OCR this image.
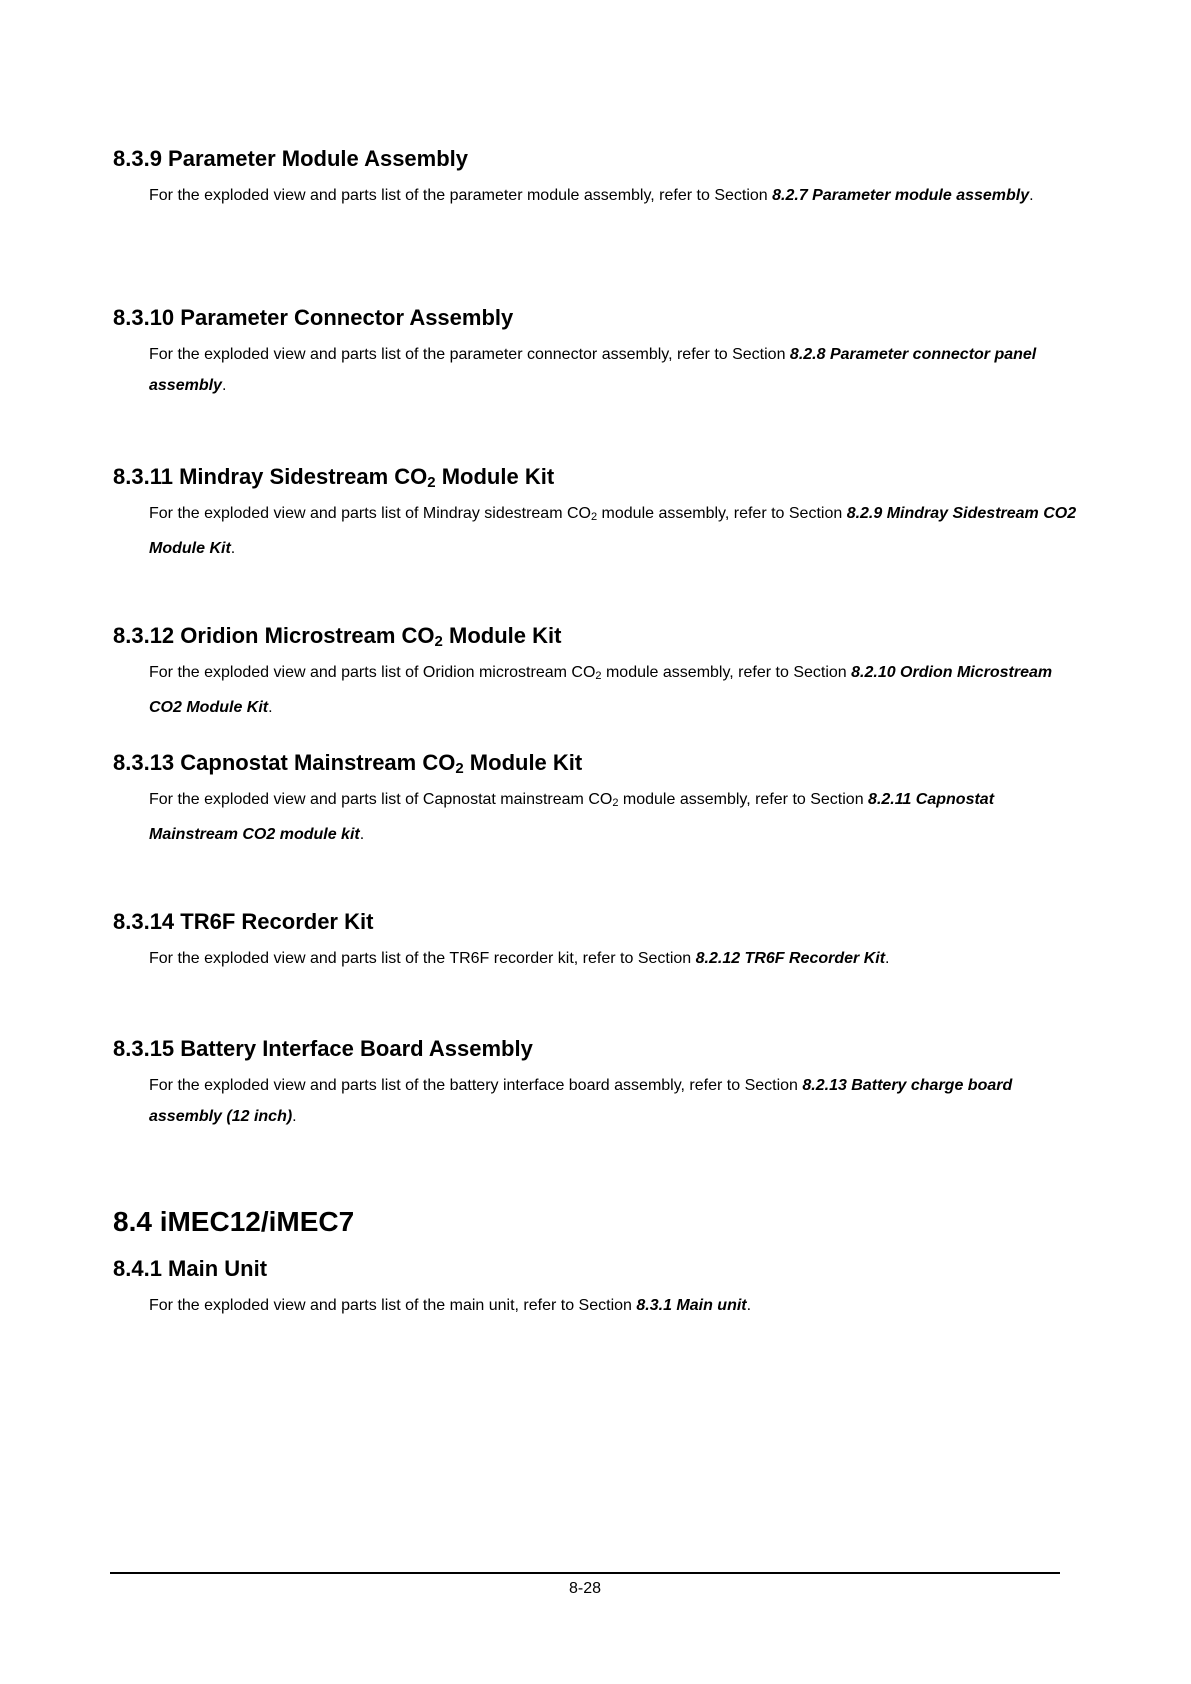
8.3.9 Parameter Module Assembly

For the exploded view and parts list of the parameter module assembly, refer to Section 8.2.7 Parameter module assembly.

8.3.10 Parameter Connector Assembly

For the exploded view and parts list of the parameter connector assembly, refer to Section 8.2.8 Parameter connector panel assembly.

8.3.11 Mindray Sidestream $CO_2$ Module Kit

For the exploded view and parts list of Mindray sidestream CO2 module assembly, refer to Section 8.2.9 Mindray Sidestream CO2 Module Kit.

8.3.12 Oridion Microstream $CO_2$ Module Kit

For the exploded view and parts list of Oridion microstream CO2 module assembly, refer to Section 8.2.10 Ordion Microstream CO2 Module Kit.

8.3.13 Capnostat Mainstream $CO_2$ Module Kit

For the exploded view and parts list of Capnostat mainstream CO2 module assembly, refer to Section 8.2.11 Capnostat Mainstream CO2 module kit.

8.3.14 TR6F Recorder Kit

For the exploded view and parts list of the TR6F recorder kit, refer to Section 8.2.12 TR6F Recorder Kit.

8.3.15 Battery Interface Board Assembly

For the exploded view and parts list of the battery interface board assembly, refer to Section 8.2.13 Battery charge board assembly (12 inch).

8.4 iMEC12/iMEC7
8.4.1 Main Unit

For the exploded view and parts list of the main unit, refer to Section 8.3.1 Main unit.

8-28
